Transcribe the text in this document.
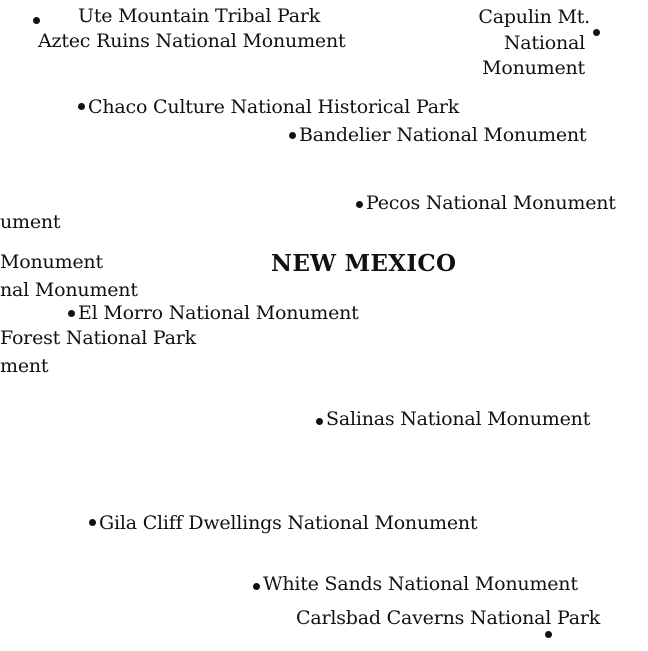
Ute Mountain Tribal Park
Aztec Ruins National Monument
Capulin Mt.
National
Monument
Chaco Culture National Historical Park
Bandelier National Monument
Pecos National Monument
ument
Monument
nal Monument
NEW MEXICO
El Morro National Monument
Forest National Park
ment
Salinas National Monument
Gila Cliff Dwellings National Monument
White Sands National Monument
Carlsbad Caverns National Park
